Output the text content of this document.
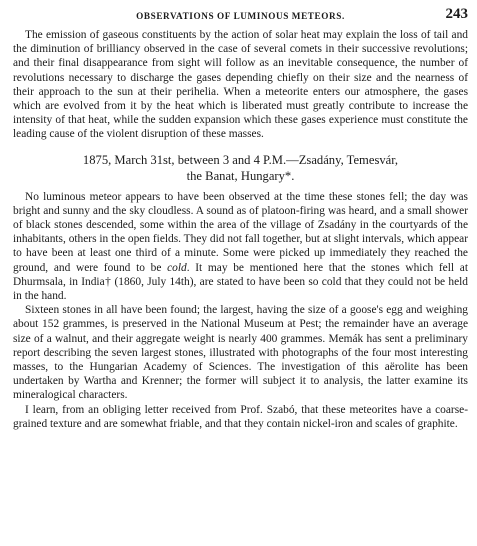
OBSERVATIONS OF LUMINOUS METEORS.	243

The emission of gaseous constituents by the action of solar heat may explain the loss of tail and the diminution of brilliancy observed in the case of several comets in their successive revolutions; and their final disappearance from sight will follow as an inevitable consequence, the number of revolutions necessary to discharge the gases depending chiefly on their size and the nearness of their approach to the sun at their perihelia. When a meteorite enters our atmosphere, the gases which are evolved from it by the heat which is liberated must greatly contribute to increase the intensity of that heat, while the sudden expansion which these gases experience must constitute the leading cause of the violent disruption of these masses.

1875, March 31st, between 3 and 4 P.M.—Zsadány, Temesvár,
the Banat, Hungary*.

No luminous meteor appears to have been observed at the time these stones fell; the day was bright and sunny and the sky cloudless. A sound as of platoon-firing was heard, and a small shower of black stones descended, some within the area of the village of Zsadány in the courtyards of the inhabitants, others in the open fields. They did not fall together, but at slight intervals, which appear to have been at least one third of a minute. Some were picked up immediately they reached the ground, and were found to be cold. It may be mentioned here that the stones which fell at Dhurmsala, in India† (1860, July 14th), are stated to have been so cold that they could not be held in the hand.

Sixteen stones in all have been found; the largest, having the size of a goose's egg and weighing about 152 grammes, is preserved in the National Museum at Pest; the remainder have an average size of a walnut, and their aggregate weight is nearly 400 grammes. Memák has sent a preliminary report describing the seven largest stones, illustrated with photographs of the four most interesting masses, to the Hungarian Academy of Sciences. The investigation of this aërolite has been undertaken by Wartha and Krenner; the former will subject it to analysis, the latter examine its mineralogical characters.

I learn, from an obliging letter received from Prof. Szabó, that these meteorites have a coarse-grained texture and are somewhat friable, and that they contain nickel-iron and scales of graphite.
